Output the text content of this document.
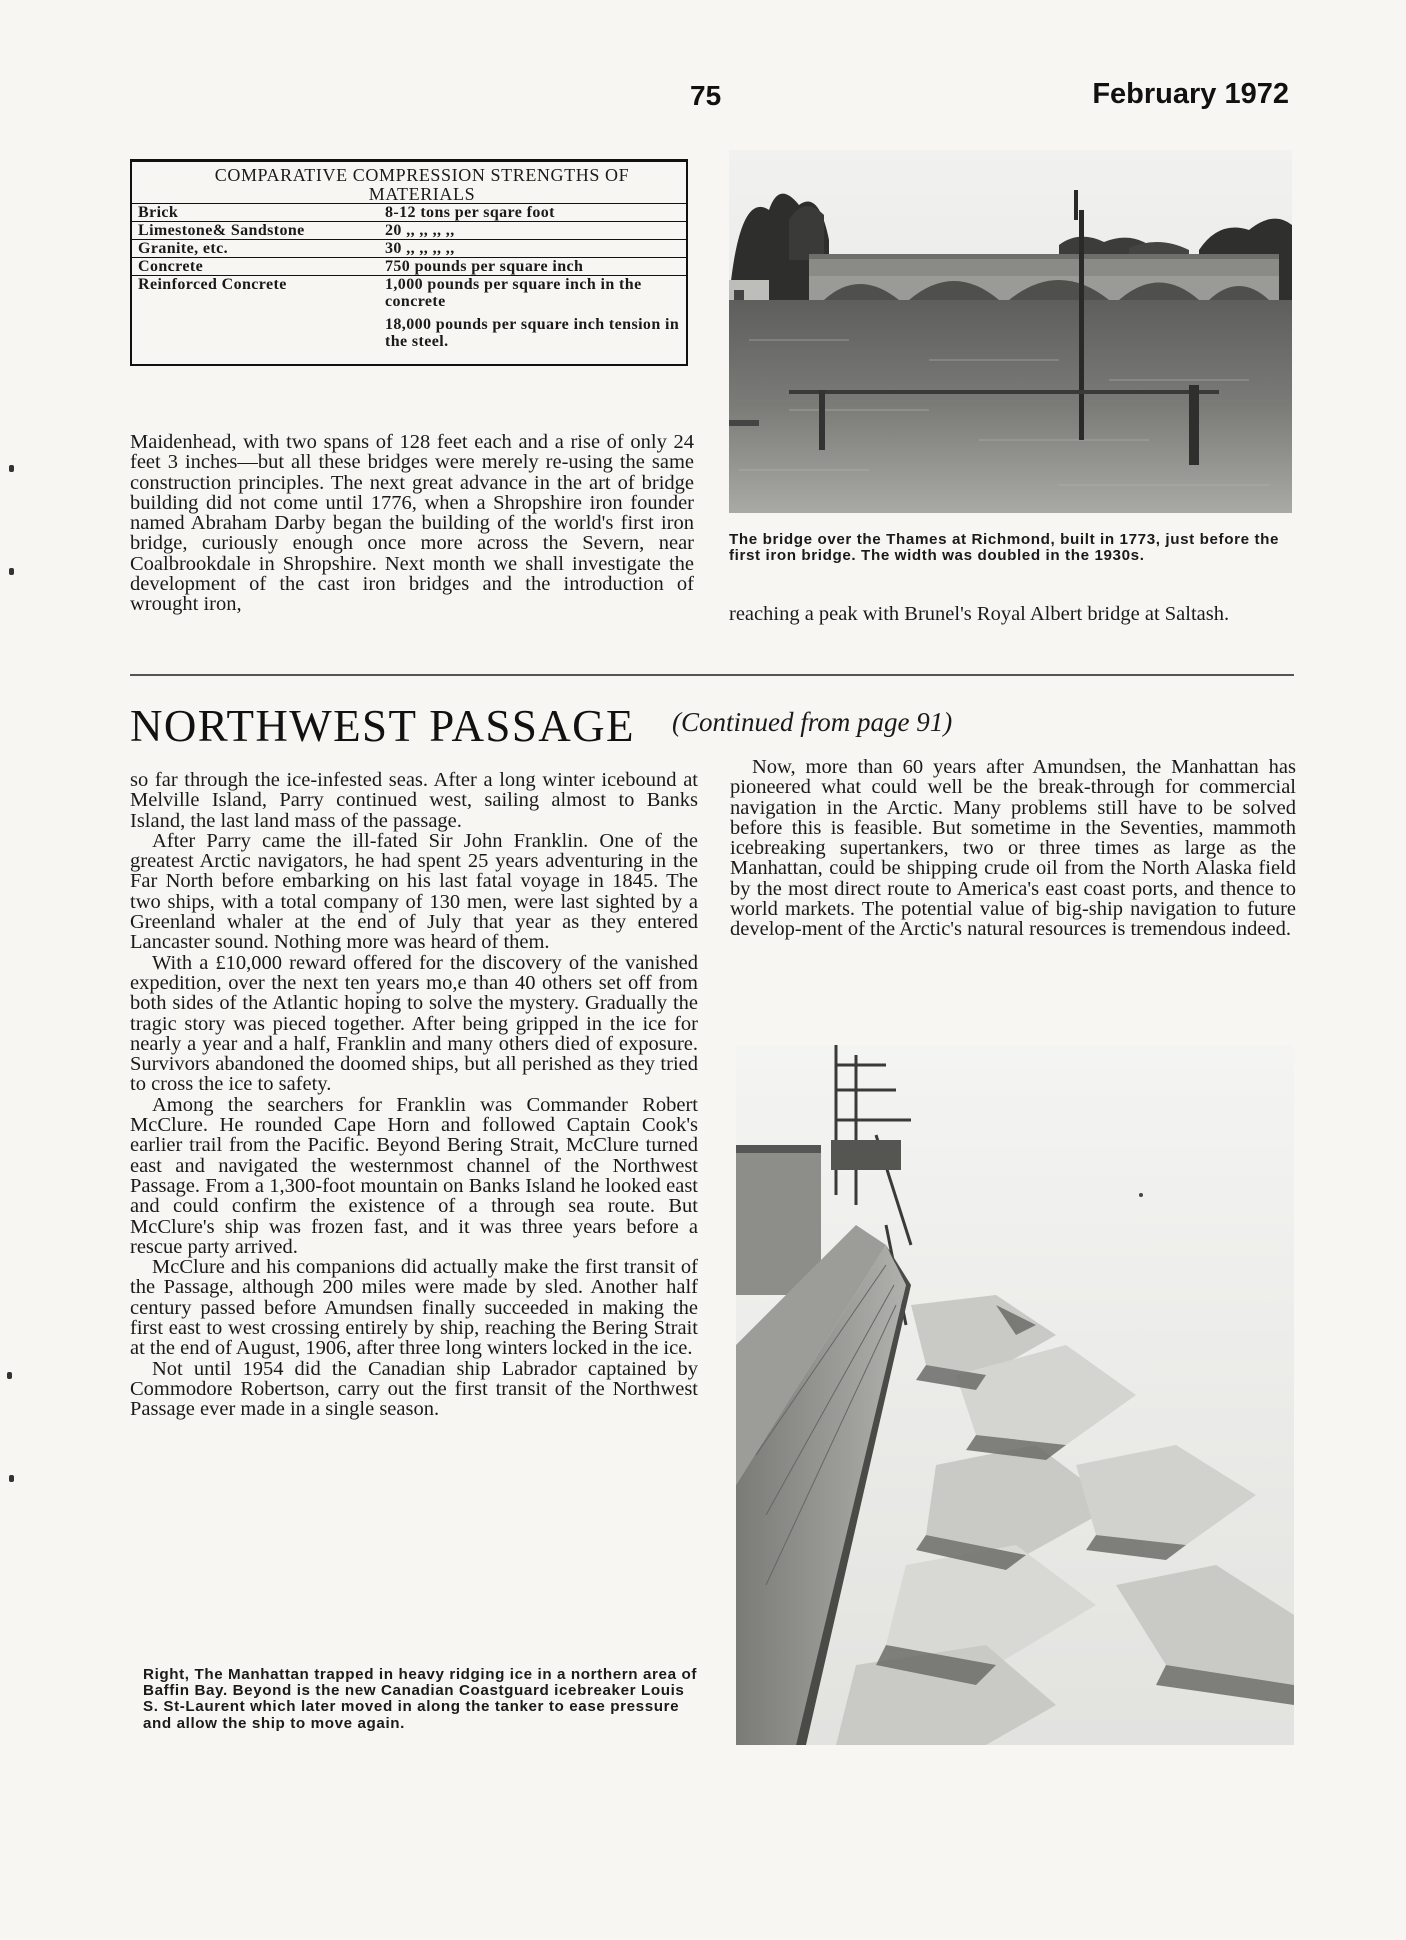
75	February 1972
COMPARATIVE COMPRESSION STRENGTHS OF MATERIALS
Brick	8-12 tons per sqare foot
Limestone& Sandstone	20 ,, ,, ,, ,,
Granite, etc.	30 ,, ,, ,, ,,
Concrete	750 pounds per square inch
Reinforced Concrete	1,000 pounds per square inch in the concrete
18,000 pounds per square inch tension in the steel.
The bridge over the Thames at Richmond, built in 1773, just before the first iron bridge. The width was doubled in the 1930s.

Maidenhead, with two spans of 128 feet each and a rise of only 24 feet 3 inches—but all these bridges were merely re-using the same construction principles. The next great advance in the art of bridge building did not come until 1776, when a Shropshire iron founder named Abraham Darby began the building of the world's first iron bridge, curiously enough once more across the Severn, near Coalbrookdale in Shropshire. Next month we shall investigate the development of the cast iron bridges and the introduction of wrought iron,	reaching a peak with Brunel's Royal Albert bridge at Saltash.

NORTHWEST PASSAGE (Continued from page 91)

so far through the ice-infested seas. After a long winter icebound at Melville Island, Parry continued west, sailing almost to Banks Island, the last land mass of the passage.

After Parry came the ill-fated Sir John Franklin. One of the greatest Arctic navigators, he had spent 25 years adventuring in the Far North before embarking on his last fatal voyage in 1845. The two ships, with a total company of 130 men, were last sighted by a Greenland whaler at the end of July that year as they entered Lancaster sound. Nothing more was heard of them.

With a £10,000 reward offered for the discovery of the vanished expedition, over the next ten years mo,e than 40 others set off from both sides of the Atlantic hoping to solve the mystery. Gradually the tragic story was pieced together. After being gripped in the ice for nearly a year and a half, Franklin and many others died of exposure. Survivors abandoned the doomed ships, but all perished as they tried to cross the ice to safety.

Among the searchers for Franklin was Commander Robert McClure. He rounded Cape Horn and followed Captain Cook's earlier trail from the Pacific. Beyond Bering Strait, McClure turned east and navigated the westernmost channel of the Northwest Passage. From a 1,300-foot mountain on Banks Island he looked east and could confirm the existence of a through sea route. But McClure's ship was frozen fast, and it was three years before a rescue party arrived.

McClure and his companions did actually make the first transit of the Passage, although 200 miles were made by sled. Another half century passed before Amundsen finally succeeded in making the first east to west crossing entirely by ship, reaching the Bering Strait at the end of August, 1906, after three long winters locked in the ice.

Not until 1954 did the Canadian ship Labrador captained by Commodore Robertson, carry out the first transit of the Northwest Passage ever made in a single season.

Now, more than 60 years after Amundsen, the Manhattan has pioneered what could well be the break-through for commercial navigation in the Arctic. Many problems still have to be solved before this is feasible. But sometime in the Seventies, mammoth icebreaking supertankers, two or three times as large as the Manhattan, could be shipping crude oil from the North Alaska field by the most direct route to America's east coast ports, and thence to world markets. The potential value of big-ship navigation to future develop-ment of the Arctic's natural resources is tremendous indeed.

Right, The Manhattan trapped in heavy ridging ice in a northern area of Baffin Bay. Beyond is the new Canadian Coastguard icebreaker Louis S. St-Laurent which later moved in along the tanker to ease pressure and allow the ship to move again.
